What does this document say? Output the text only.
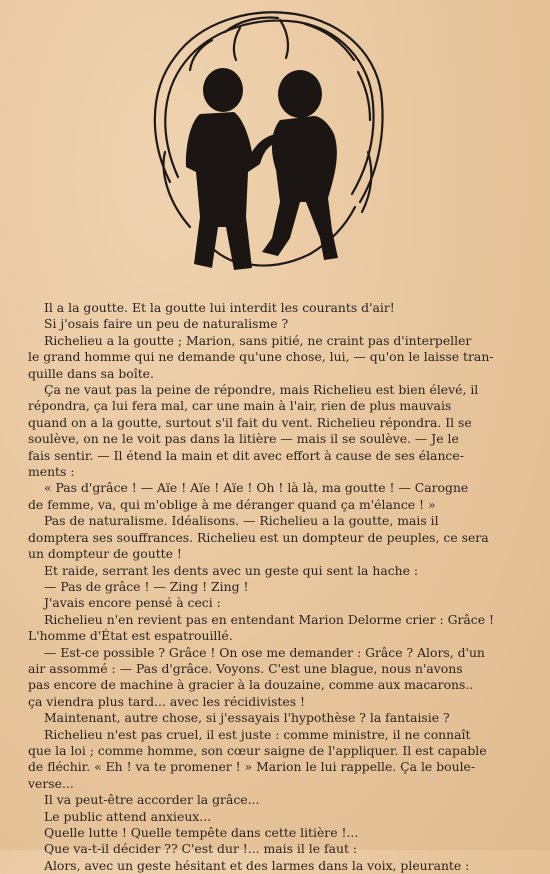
Il a la goutte. Et la goutte lui interdit les courants d'air!

Si j'osais faire un peu de naturalisme ?

Richelieu a la goutte ; Marion, sans pitié, ne craint pas d'interpeller

le grand homme qui ne demande qu'une chose, lui, — qu'on le laisse tran-

quille dans sa boîte.

Ça ne vaut pas la peine de répondre, mais Richelieu est bien élevé, il

répondra, ça lui fera mal, car une main à l'air, rien de plus mauvais

quand on a la goutte, surtout s'il fait du vent. Richelieu répondra. Il se

soulève, on ne le voit pas dans la litière — mais il se soulève. — Je le

fais sentir. — Il étend la main et dit avec effort à cause de ses élance-

ments :

« Pas d'grâce ! — Aïe ! Aïe ! Aïe ! Oh ! là là, ma goutte ! — Carogne

de femme, va, qui m'oblige à me déranger quand ça m'élance ! »

Pas de naturalisme. Idéalisons. — Richelieu a la goutte, mais il

domptera ses souffrances. Richelieu est un dompteur de peuples, ce sera

un dompteur de goutte !

Et raide, serrant les dents avec un geste qui sent la hache :

— Pas de grâce ! — Zing ! Zing !

J'avais encore pensé à ceci :

Richelieu n'en revient pas en entendant Marion Delorme crier : Grâce !

L'homme d'État est espatrouillé.

— Est-ce possible ? Grâce ! On ose me demander : Grâce ? Alors, d'un

air assommé : — Pas d'grâce. Voyons. C'est une blague, nous n'avons

pas encore de machine à gracier à la douzaine, comme aux macarons..

ça viendra plus tard... avec les récidivistes !

Maintenant, autre chose, si j'essayais l'hypothèse ? la fantaisie ?

Richelieu n'est pas cruel, il est juste : comme ministre, il ne connaît

que la loi ; comme homme, son cœur saigne de l'appliquer. Il est capable

de fléchir. « Eh ! va te promener ! » Marion le lui rappelle. Ça le boule-

verse...

Il va peut-être accorder la grâce...

Le public attend anxieux...

Quelle lutte ! Quelle tempête dans cette litière !...

Que va-t-il décider ?? C'est dur !... mais il le faut :

Alors, avec un geste hésitant et des larmes dans la voix, pleurante :
